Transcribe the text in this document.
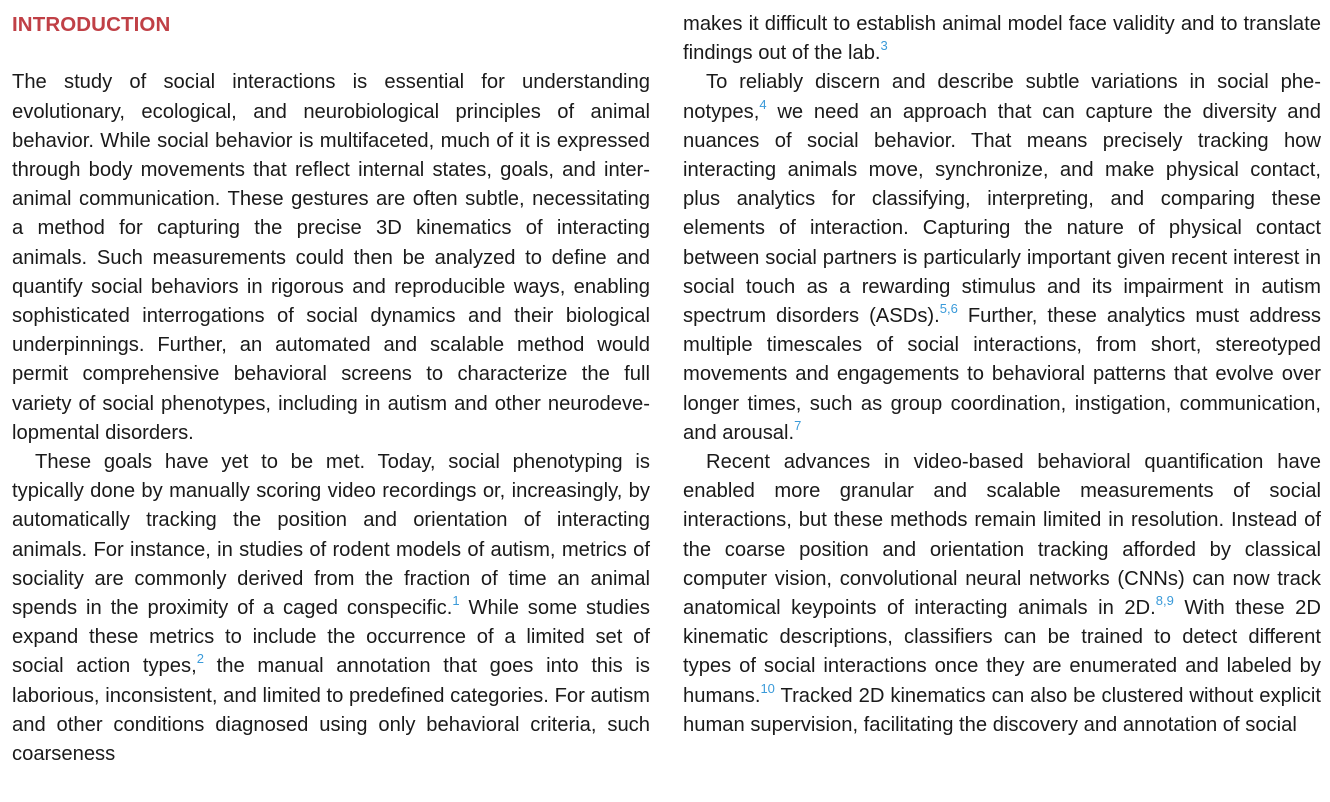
INTRODUCTION

The study of social interactions is essential for understanding evolutionary, ecological, and neurobiological principles of animal behavior. While social behavior is multifaceted, much of it is expressed through body movements that reflect internal states, goals, and inter-animal communication. These gestures are often subtle, necessitating a method for capturing the precise 3D kinematics of interacting animals. Such measurements could then be analyzed to define and quantify social behaviors in rigorous and reproducible ways, enabling sophisticated interrogations of social dynamics and their biological underpinnings. Further, an automated and scalable method would permit comprehensive behavioral screens to characterize the full variety of social phenotypes, including in autism and other neurodevelopmental disorders.

These goals have yet to be met. Today, social phenotyping is typically done by manually scoring video recordings or, increasingly, by automatically tracking the position and orientation of interacting animals. For instance, in studies of rodent models of autism, metrics of sociality are commonly derived from the fraction of time an animal spends in the proximity of a caged conspecific.$^1$ While some studies expand these metrics to include the occurrence of a limited set of social action types,$^2$ the manual annotation that goes into this is laborious, inconsistent, and limited to predefined categories. For autism and other conditions diagnosed using only behavioral criteria, such coarseness

makes it difficult to establish animal model face validity and to translate findings out of the lab.$^3$

To reliably discern and describe subtle variations in social phenotypes,$^4$ we need an approach that can capture the diversity and nuances of social behavior. That means precisely tracking how interacting animals move, synchronize, and make physical contact, plus analytics for classifying, interpreting, and comparing these elements of interaction. Capturing the nature of physical contact between social partners is particularly important given recent interest in social touch as a rewarding stimulus and its impairment in autism spectrum disorders (ASDs).$^{5,6}$ Further, these analytics must address multiple timescales of social interactions, from short, stereotyped movements and engagements to behavioral patterns that evolve over longer times, such as group coordination, instigation, communication, and arousal.$^7$

Recent advances in video-based behavioral quantification have enabled more granular and scalable measurements of social interactions, but these methods remain limited in resolution. Instead of the coarse position and orientation tracking afforded by classical computer vision, convolutional neural networks (CNNs) can now track anatomical keypoints of interacting animals in 2D.$^{8,9}$ With these 2D kinematic descriptions, classifiers can be trained to detect different types of social interactions once they are enumerated and labeled by humans.$^{10}$ Tracked 2D kinematics can also be clustered without explicit human supervision, facilitating the discovery and annotation of social
